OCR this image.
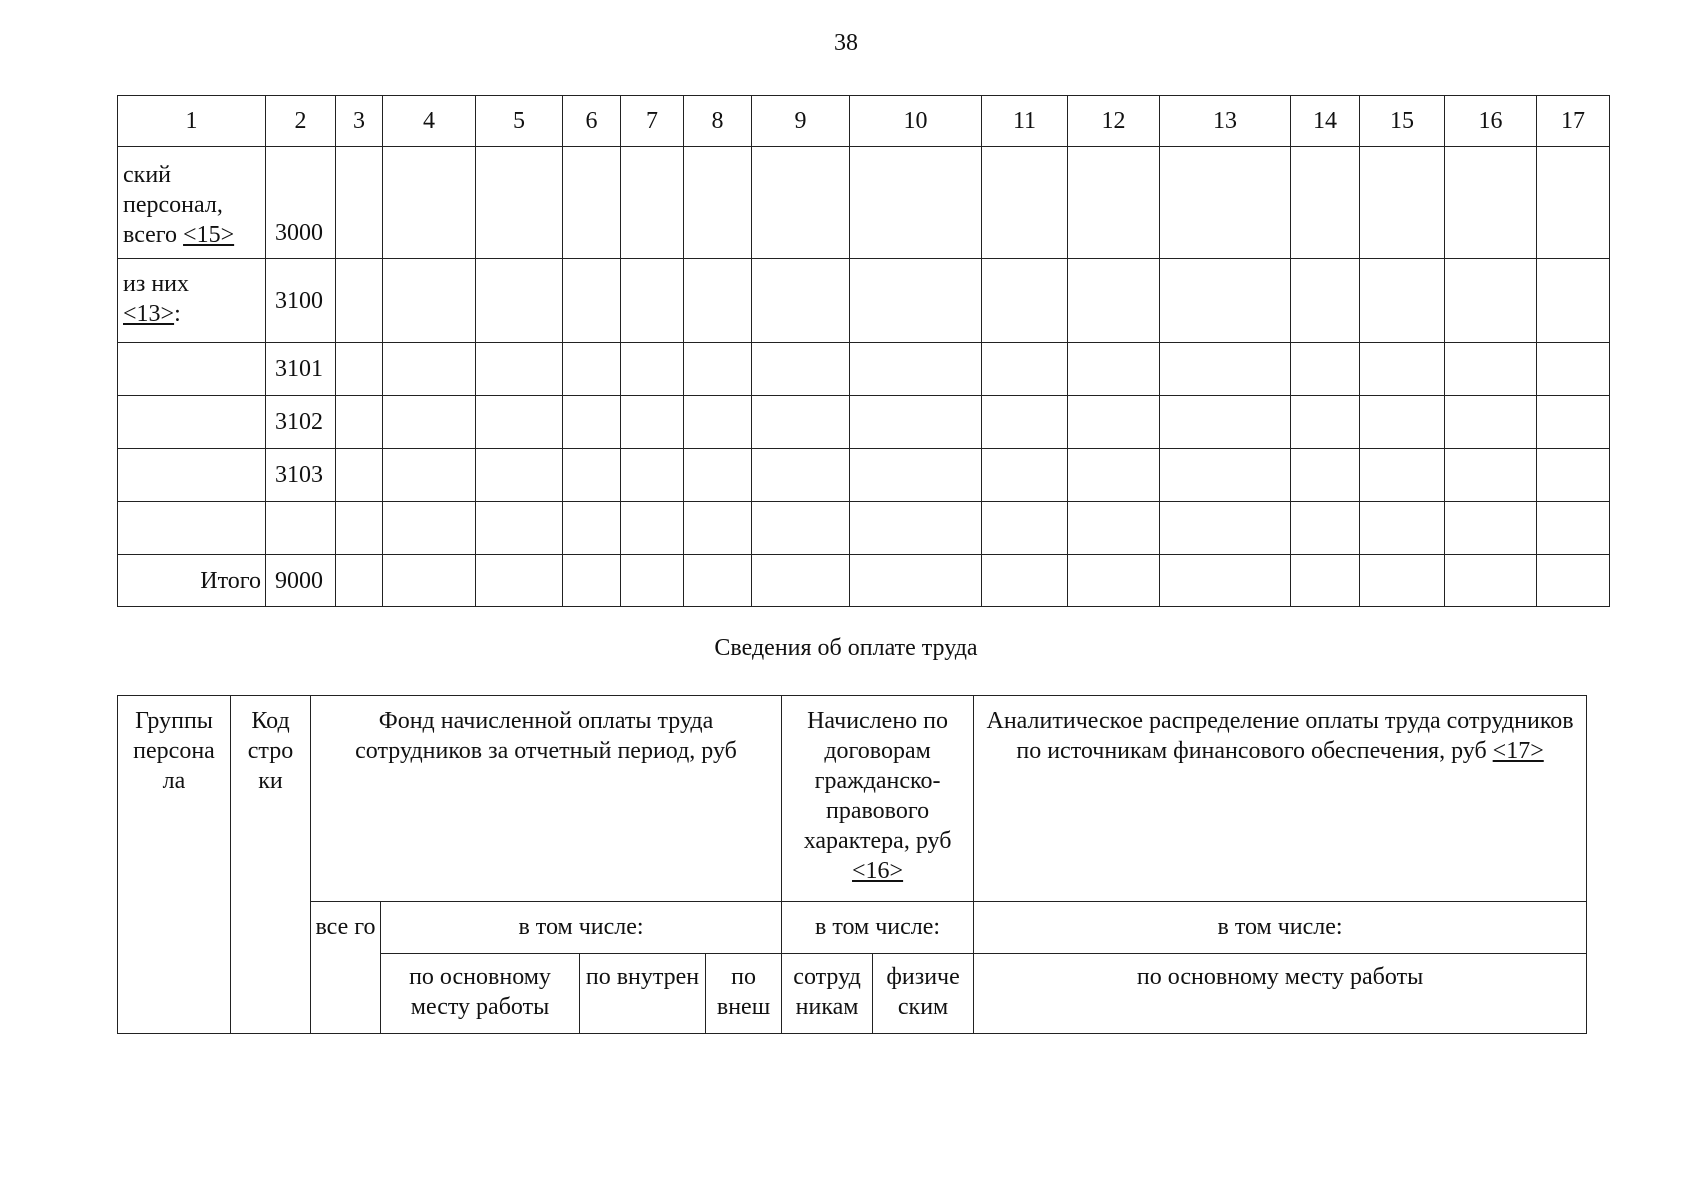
38
1	2	3	4	5	6	7	8	9	10	11	12	13	14	15	16	17
ский
персонал,
всего <15>	3000															
из них
<13>:	3100															
	3101															
	3102															
	3103															

Итого	9000															
Сведения об оплате труда
Группы персона ла	Код стро ки	Фонд начисленной оплаты труда сотрудников за отчетный период, руб				Начислено по договорам гражданско-правового характера, руб <16>		Аналитическое распределение оплаты труда сотрудников по источникам финансового обеспечения, руб <17>
		все го	в том числе:			в том числе:		в том числе:
			по основному месту работы	по внутрен	по внеш	сотруд никам	физиче ским	по основному месту работы
